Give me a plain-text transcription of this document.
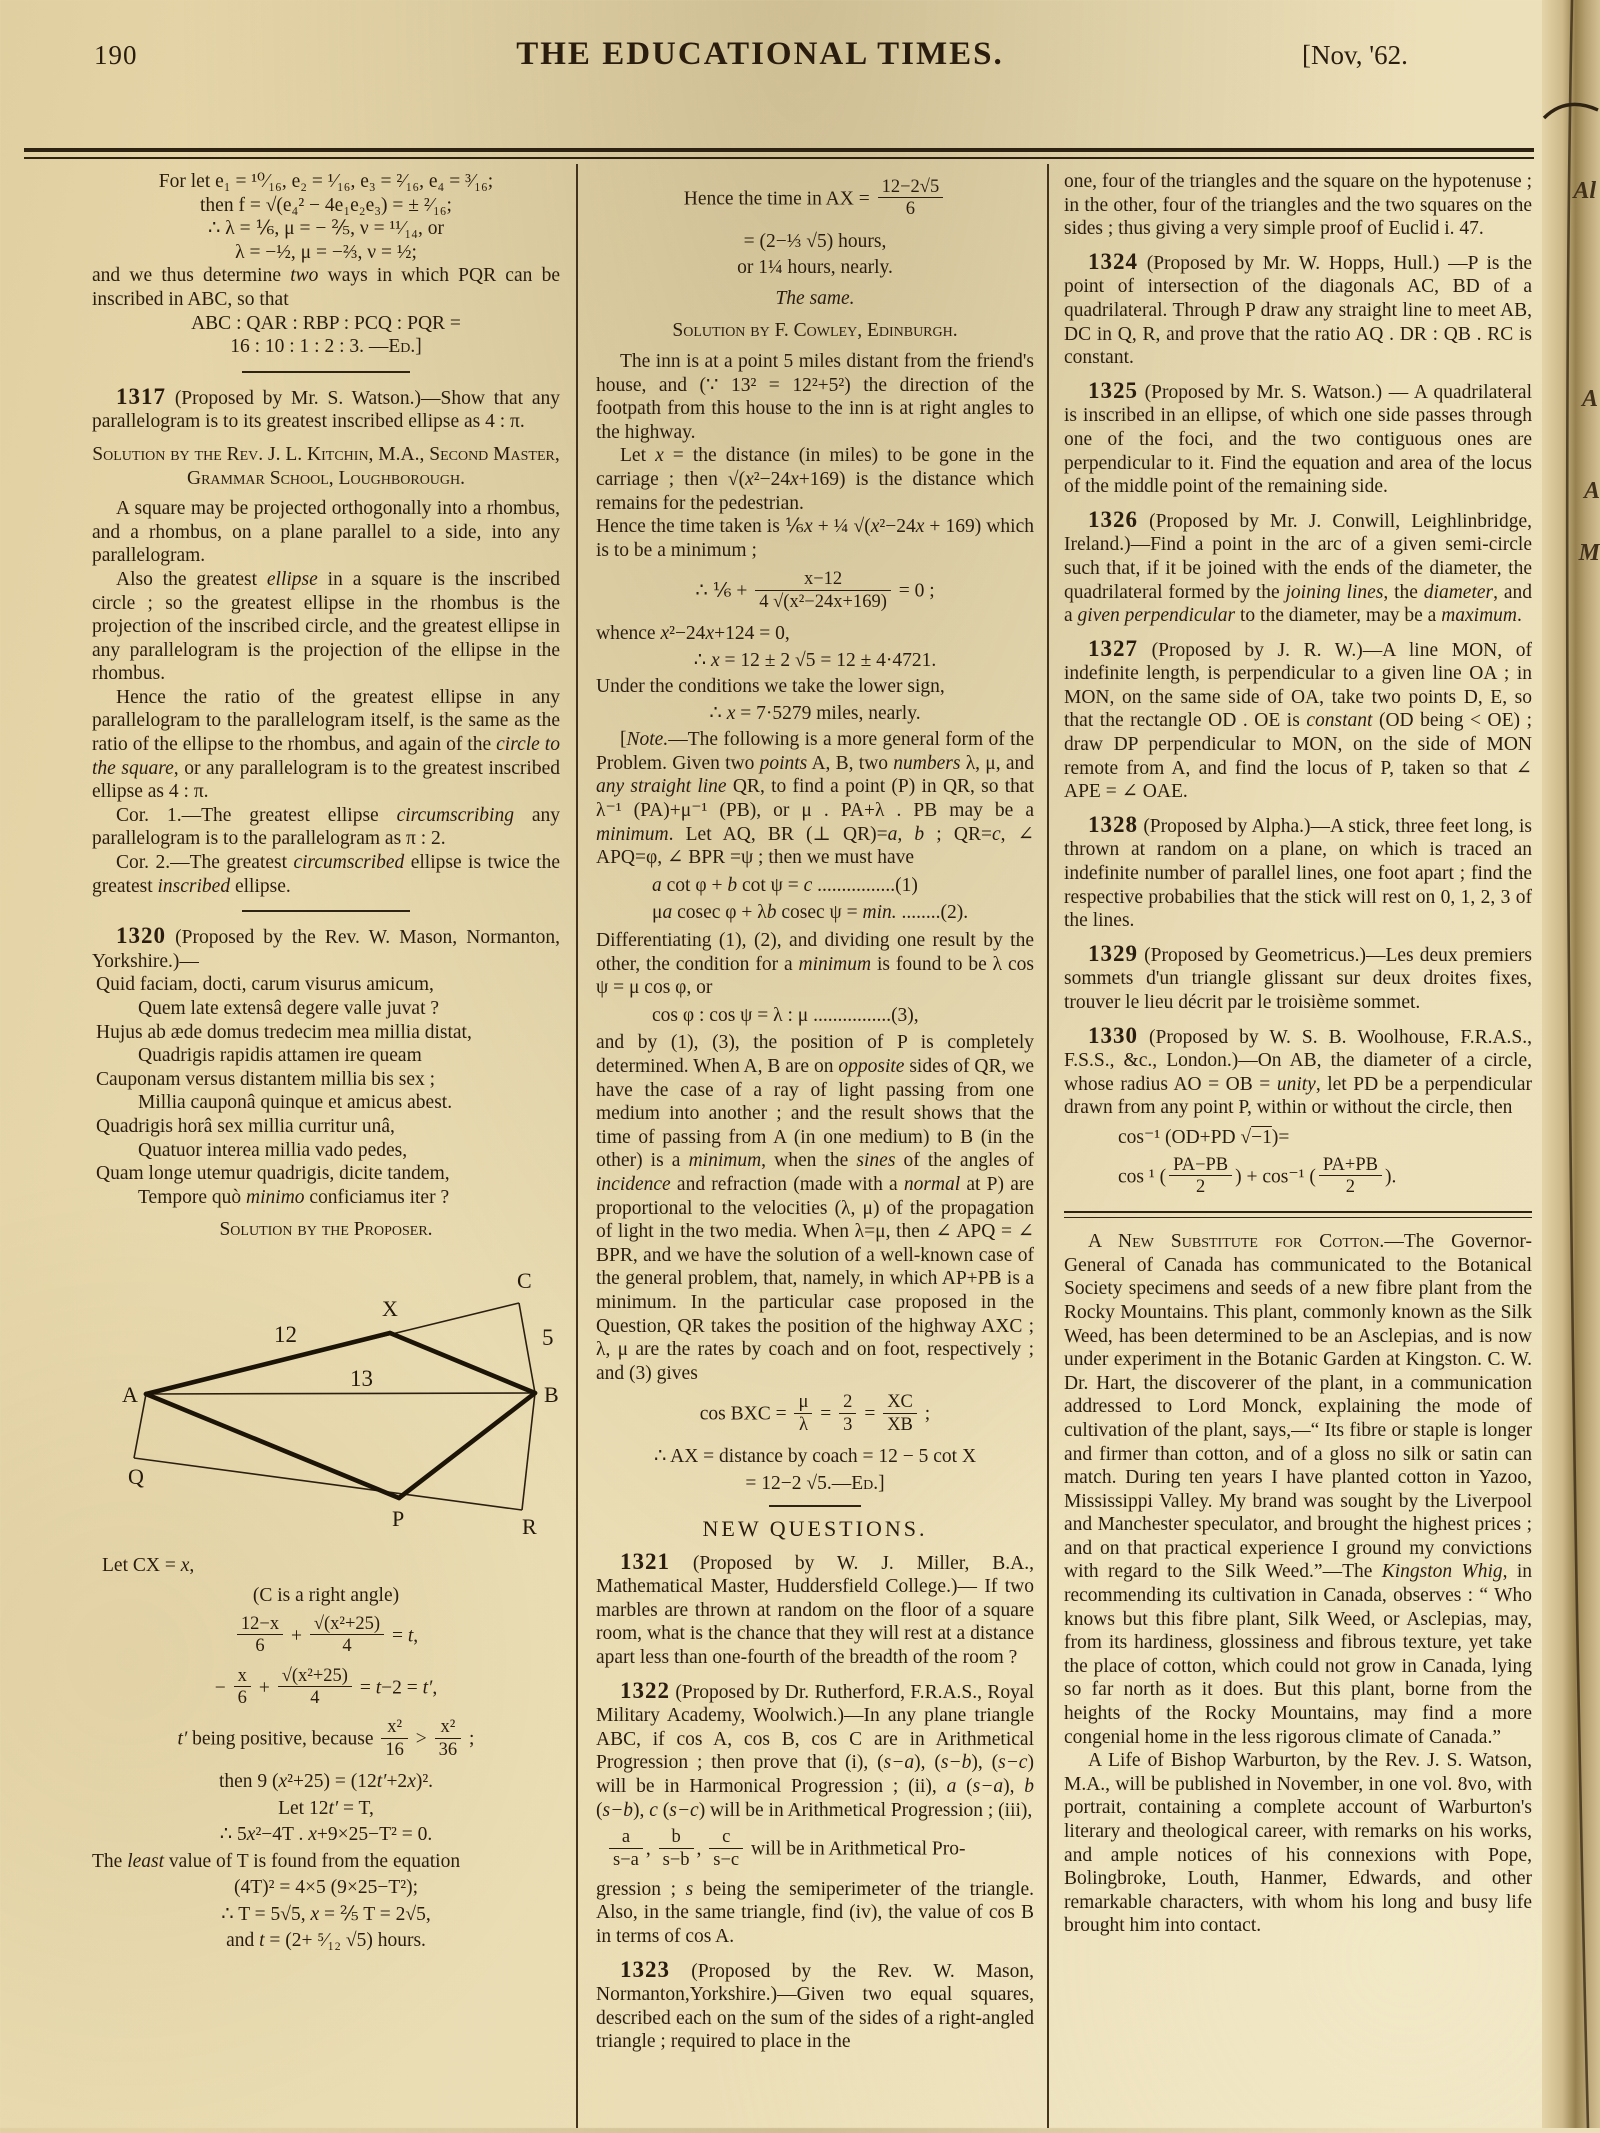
190	THE EDUCATIONAL TIMES.	[Nov, '62.
For let e₁ = ¹⁰⁄₁₆, e₂ = ¹⁄₁₆, e₃ = ²⁄₁₆, e₄ = ³⁄₁₆;
then f = √(e₄² − 4e₁e₂e₃) = ± ²⁄₁₆;
∴ λ = ⅙, μ = − ⅖, ν = ¹¹⁄₁₄, or
λ = −½, μ = −⅔, ν = ½;

and we thus determine two ways in which PQR can be inscribed in ABC, so that

ABC : QAR : RBP : PCQ : PQR =
16 : 10 : 1 : 2 : 3. —Ed.]

1317 (Proposed by Mr. S. Watson.)—Show that any parallelogram is to its greatest inscribed ellipse as 4 : π.

Solution by the Rev. J. L. Kitchin, M.A., Second Master, Grammar School, Loughborough.

A square may be projected orthogonally into a rhombus, and a rhombus, on a plane parallel to a side, into any parallelogram.

Also the greatest ellipse in a square is the inscribed circle ; so the greatest ellipse in the rhombus is the projection of the inscribed circle, and the greatest ellipse in any parallelogram is the projection of the ellipse in the rhombus.

Hence the ratio of the greatest ellipse in any parallelogram to the parallelogram itself, is the same as the ratio of the ellipse to the rhombus, and again of the circle to the square, or any parallelogram is to the greatest inscribed ellipse as 4 : π.

Cor. 1.—The greatest ellipse circumscribing any parallelogram is to the parallelogram as π : 2.

Cor. 2.—The greatest circumscribed ellipse is twice the greatest inscribed ellipse.

1320 (Proposed by the Rev. W. Mason, Normanton, Yorkshire.)—

Quid faciam, docti, carum visurus amicum,
Quem late extensâ degere valle juvat ?
Hujus ab æde domus tredecim mea millia distat,
Quadrigis rapidis attamen ire queam
Cauponam versus distantem millia bis sex ;
Millia cauponâ quinque et amicus abest.
Quadrigis horâ sex millia curritur unâ,
Quatuor interea millia vado pedes,
Quam longe utemur quadrigis, dicite tandem,
Tempore quò minimo conficiamus iter ?
Solution by the Proposer.
A
C
X
B
Q
P	R
12	5
13
Let CX = x,
(C is a right angle)
$\frac{12-x}{6} + \frac{\text{√(x²+25)}}{4} = t$,
− $\frac{x}{6} + \frac{\text{√(x²+25)}}{4} = t-2 = t'$,
t′ being positive, because $\frac{\text{x²}}{16} > \frac{\text{x²}}{36}$ ;
then 9 (x²+25) = (12t′+2x)².
Let 12t′ = T,
∴ 5x²−4T . x+9×25−T² = 0.

The least value of T is found from the equation

(4T)² = 4×5 (9×25−T²);
∴ T = 5√5, x = ⅖ T = 2√5,
and t = (2+ ⁵⁄₁₂ √5) hours.
Hence the time in AX = $\frac{12-2√5}{6}$
= (2−⅓ √5) hours,
or 1¼ hours, nearly.
The same.
Solution by F. Cowley, Edinburgh.

The inn is at a point 5 miles distant from the friend's house, and (∵ 13² = 12²+5²) the direction of the footpath from this house to the inn is at right angles to the highway.

Let x = the distance (in miles) to be gone in the carriage ; then √(x²−24x+169) is the distance which remains for the pedestrian.

Hence the time taken is ⅙x + ¼ √(x²−24x + 169) which is to be a minimum ;

∴ ⅙ + $\frac{x-12}{\text{4 √(x²−24x+169)}} = 0$ ;

whence x²−24x+124 = 0,

∴ x = 12 ± 2 √5 = 12 ± 4·4721.

Under the conditions we take the lower sign,

∴ x = 7·5279 miles, nearly.

[Note.—The following is a more general form of the Problem. Given two points A, B, two numbers λ, μ, and any straight line QR, to find a point (P) in QR, so that λ⁻¹ (PA)+μ⁻¹ (PB), or μ . PA+λ . PB may be a minimum. Let AQ, BR (⊥ QR)=a, b ; QR=c, ∠ APQ=φ, ∠ BPR =ψ ; then we must have

a cot φ + b cot ψ = c ................(1)
μa cosec φ + λb cosec ψ = min. ........(2).

Differentiating (1), (2), and dividing one result by the other, the condition for a minimum is found to be λ cos ψ = μ cos φ, or

cos φ : cos ψ = λ : μ ................(3),

and by (1), (3), the position of P is completely determined. When A, B are on opposite sides of QR, we have the case of a ray of light passing from one medium into another ; and the result shows that the time of passing from A (in one medium) to B (in the other) is a minimum, when the sines of the angles of incidence and refraction (made with a normal at P) are proportional to the velocities (λ, μ) of the propagation of light in the two media. When λ=μ, then ∠ APQ = ∠ BPR, and we have the solution of a well-known case of the general problem, that, namely, in which AP+PB is a minimum. In the particular case proposed in the Question, QR takes the position of the highway AXC ; λ, μ are the rates by coach and on foot, respectively ; and (3) gives

cos BXC = $\frac{\mu}{\lambda} = \frac{2}{3} = \frac{XC}{XB}$ ;
∴ AX = distance by coach = 12 − 5 cot X
= 12−2 √5.—Ed.]
NEW QUESTIONS.

1321 (Proposed by W. J. Miller, B.A., Mathematical Master, Huddersfield College.)— If two marbles are thrown at random on the floor of a square room, what is the chance that they will rest at a distance apart less than one-fourth of the breadth of the room ?

1322 (Proposed by Dr. Rutherford, F.R.A.S., Royal Military Academy, Woolwich.)—In any plane triangle ABC, if cos A, cos B, cos C are in Arithmetical Progression ; then prove that (i), (s−a), (s−b), (s−c) will be in Harmonical Progression ; (ii), a (s−a), b (s−b), c (s−c) will be in Arithmetical Progression ; (iii),

$\frac{a}{s-a}$ , $\frac{b}{s-b}$ , $\frac{c}{s-c}$ will be in Arithmetical Pro-

gression ; s being the semiperimeter of the triangle. Also, in the same triangle, find (iv), the value of cos B in terms of cos A.

1323 (Proposed by the Rev. W. Mason, Normanton,Yorkshire.)—Given two equal squares, described each on the sum of the sides of a right-angled triangle ; required to place in the

one, four of the triangles and the square on the hypotenuse ; in the other, four of the triangles and the two squares on the sides ; thus giving a very simple proof of Euclid i. 47.

1324 (Proposed by Mr. W. Hopps, Hull.) —P is the point of intersection of the diagonals AC, BD of a quadrilateral. Through P draw any straight line to meet AB, DC in Q, R, and prove that the ratio AQ . DR : QB . RC is constant.

1325 (Proposed by Mr. S. Watson.) — A quadrilateral is inscribed in an ellipse, of which one side passes through one of the foci, and the two contiguous ones are perpendicular to it. Find the equation and area of the locus of the middle point of the remaining side.

1326 (Proposed by Mr. J. Conwill, Leighlinbridge, Ireland.)—Find a point in the arc of a given semi-circle such that, if it be joined with the ends of the diameter, the quadrilateral formed by the joining lines, the diameter, and a given perpendicular to the diameter, may be a maximum.

1327 (Proposed by J. R. W.)—A line MON, of indefinite length, is perpendicular to a given line OA ; in MON, on the same side of OA, take two points D, E, so that the rectangle OD . OE is constant (OD being < OE) ; draw DP perpendicular to MON, on the side of MON remote from A, and find the locus of P, taken so that ∠ APE = ∠ OAE.

1328 (Proposed by Alpha.)—A stick, three feet long, is thrown at random on a plane, on which is traced an indefinite number of parallel lines, one foot apart ; find the respective probabilies that the stick will rest on 0, 1, 2, 3 of the lines.

1329 (Proposed by Geometricus.)—Les deux premiers sommets d'un triangle glissant sur deux droites fixes, trouver le lieu décrit par le troisième sommet.

1330 (Proposed by W. S. B. Woolhouse, F.R.A.S., F.S.S., &c., London.)—On AB, the diameter of a circle, whose radius AO = OB = unity, let PD be a perpendicular drawn from any point P, within or without the circle, then

cos⁻¹ (OD+PD √−1)=
cos ¹ ( $\frac{PA-PB}{2}$ ) + cos⁻¹ ( $\frac{PA+PB}{2}$ ).

A New Substitute for Cotton.—The Governor-General of Canada has communicated to the Botanical Society specimens and seeds of a new fibre plant from the Rocky Mountains. This plant, commonly known as the Silk Weed, has been determined to be an Asclepias, and is now under experiment in the Botanic Garden at Kingston. C. W. Dr. Hart, the discoverer of the plant, in a communication addressed to Lord Monck, explaining the mode of cultivation of the plant, says,—“ Its fibre or staple is longer and firmer than cotton, and of a gloss no silk or satin can match. During ten years I have planted cotton in Yazoo, Mississippi Valley. My brand was sought by the Liverpool and Manchester speculator, and brought the highest prices ; and on that practical experience I ground my convictions with regard to the Silk Weed.”—The Kingston Whig, in recommending its cultivation in Canada, observes : “ Who knows but this fibre plant, Silk Weed, or Asclepias, may, from its hardiness, glossiness and fibrous texture, yet take the place of cotton, which could not grow in Canada, lying so far north as it does. But this plant, borne from the heights of the Rocky Mountains, may find a more congenial home in the less rigorous climate of Canada.”

A Life of Bishop Warburton, by the Rev. J. S. Watson, M.A., will be published in November, in one vol. 8vo, with portrait, containing a complete account of Warburton's literary and theological career, with remarks on his works, and ample notices of his connexions with Pope, Bolingbroke, Louth, Hanmer, Edwards, and other remarkable characters, with whom his long and busy life brought him into contact.

Al
A
A
M
